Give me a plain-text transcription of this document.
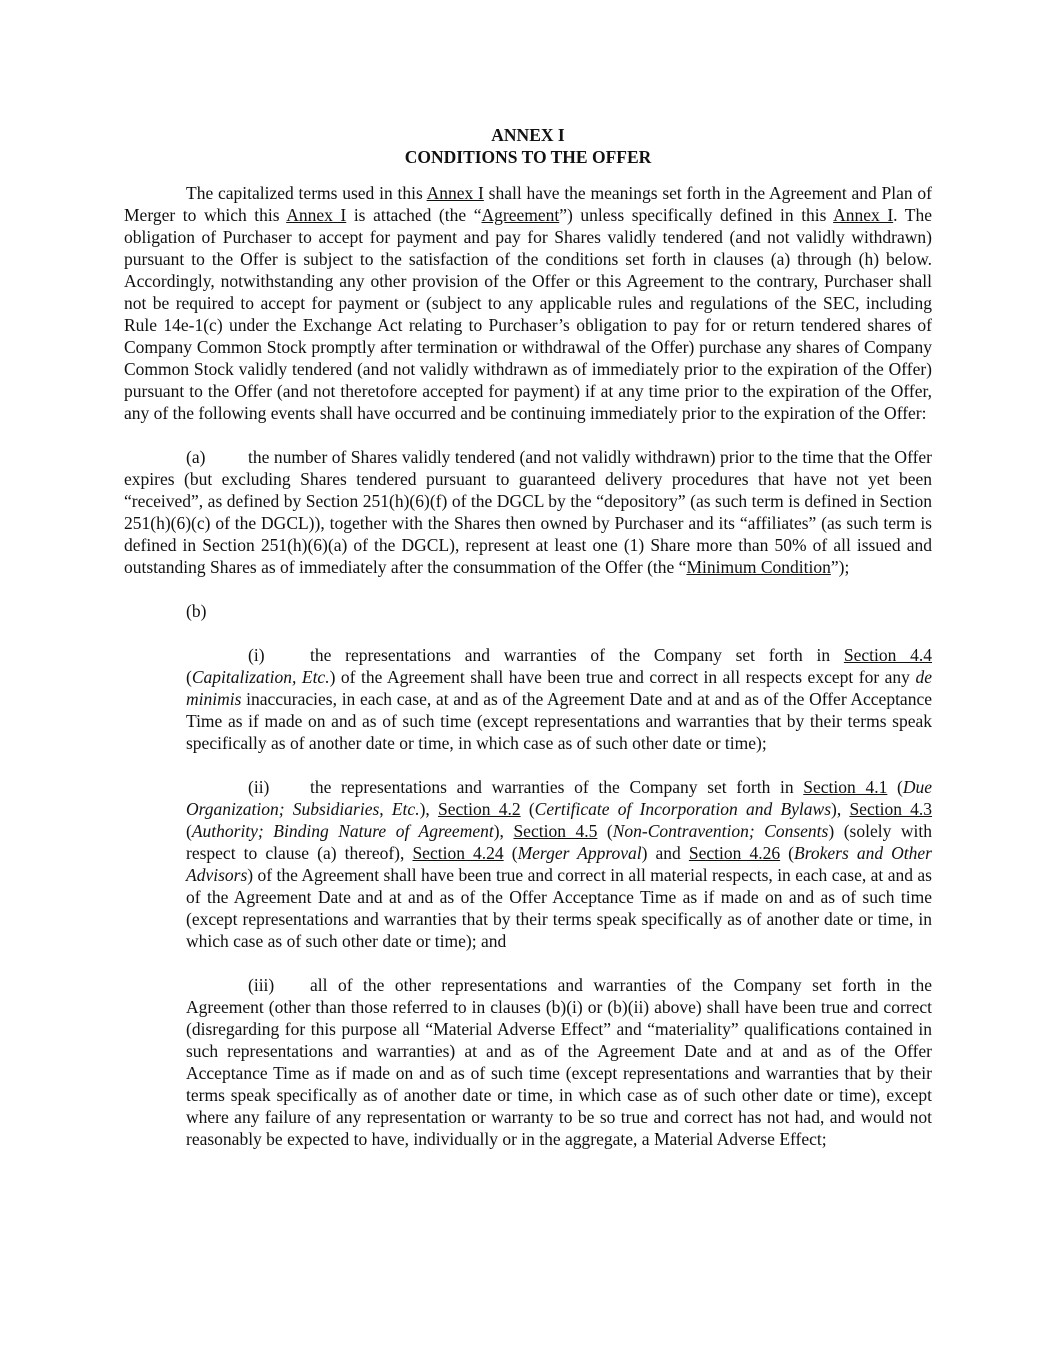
ANNEX I

CONDITIONS TO THE OFFER

The capitalized terms used in this Annex I shall have the meanings set forth in the Agreement and Plan of Merger to which this Annex I is attached (the “Agreement”) unless specifically defined in this Annex I. The obligation of Purchaser to accept for payment and pay for Shares validly tendered (and not validly withdrawn) pursuant to the Offer is subject to the satisfaction of the conditions set forth in clauses (a) through (h) below. Accordingly, notwithstanding any other provision of the Offer or this Agreement to the contrary, Purchaser shall not be required to accept for payment or (subject to any applicable rules and regulations of the SEC, including Rule 14e-1(c) under the Exchange Act relating to Purchaser’s obligation to pay for or return tendered shares of Company Common Stock promptly after termination or withdrawal of the Offer) purchase any shares of Company Common Stock validly tendered (and not validly withdrawn as of immediately prior to the expiration of the Offer) pursuant to the Offer (and not theretofore accepted for payment) if at any time prior to the expiration of the Offer, any of the following events shall have occurred and be continuing immediately prior to the expiration of the Offer:

(a) the number of Shares validly tendered (and not validly withdrawn) prior to the time that the Offer expires (but excluding Shares tendered pursuant to guaranteed delivery procedures that have not yet been “received”, as defined by Section 251(h)(6)(f) of the DGCL by the “depository” (as such term is defined in Section 251(h)(6)(c) of the DGCL)), together with the Shares then owned by Purchaser and its “affiliates” (as such term is defined in Section 251(h)(6)(a) of the DGCL), represent at least one (1) Share more than 50% of all issued and outstanding Shares as of immediately after the consummation of the Offer (the “Minimum Condition”);

(b)

(i)	the representations and warranties of the Company set forth in Section 4.4 (Capitalization, Etc.) of the Agreement shall have been true and correct in all respects except for any de minimis inaccuracies, in each case, at and as of the Agreement Date and at and as of the Offer Acceptance Time as if made on and as of such time (except representations and warranties that by their terms speak specifically as of another date or time, in which case as of such other date or time);

(ii) the representations and warranties of the Company set forth in Section 4.1 (Due Organization; Subsidiaries, Etc.), Section 4.2 (Certificate of Incorporation and Bylaws), Section 4.3 (Authority; Binding Nature of Agreement), Section 4.5 (Non-Contravention; Consents) (solely with respect to clause (a) thereof), Section 4.24 (Merger Approval) and Section 4.26 (Brokers and Other Advisors) of the Agreement shall have been true and correct in all material respects, in each case, at and as of the Agreement Date and at and as of the Offer Acceptance Time as if made on and as of such time (except representations and warranties that by their terms speak specifically as of another date or time, in which case as of such other date or time); and

(iii) all of the other representations and warranties of the Company set forth in the Agreement (other than those referred to in clauses (b)(i) or (b)(ii) above) shall have been true and correct (disregarding for this purpose all “Material Adverse Effect” and “materiality” qualifications contained in such representations and warranties) at and as of the Agreement Date and at and as of the Offer Acceptance Time as if made on and as of such time (except representations and warranties that by their terms speak specifically as of another date or time, in which case as of such other date or time), except where any failure of any representation or warranty to be so true and correct has not had, and would not reasonably be expected to have, individually or in the aggregate, a Material Adverse Effect;
